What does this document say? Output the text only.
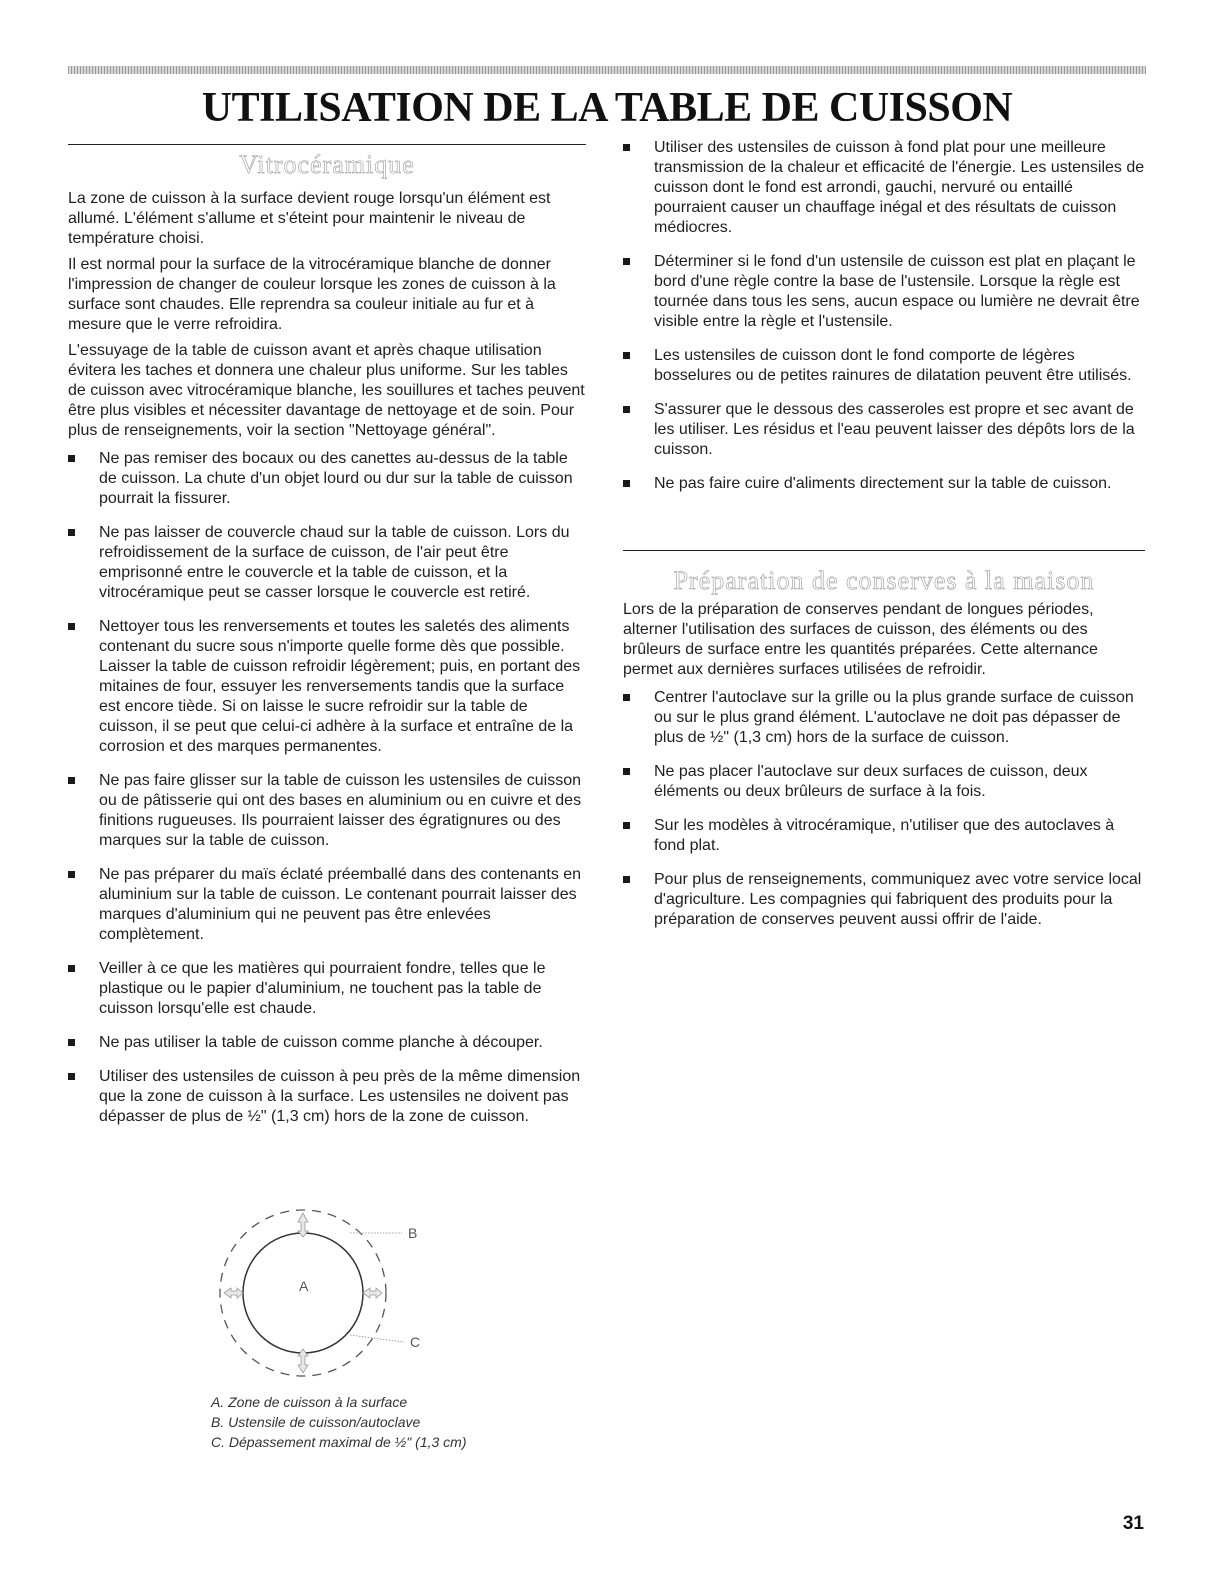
UTILISATION DE LA TABLE DE CUISSON
Vitrocéramique

La zone de cuisson à la surface devient rouge lorsqu'un élément est allumé. L'élément s'allume et s'éteint pour maintenir le niveau de température choisi.

Il est normal pour la surface de la vitrocéramique blanche de donner l'impression de changer de couleur lorsque les zones de cuisson à la surface sont chaudes. Elle reprendra sa couleur initiale au fur et à mesure que le verre refroidira.

L'essuyage de la table de cuisson avant et après chaque utilisation évitera les taches et donnera une chaleur plus uniforme. Sur les tables de cuisson avec vitrocéramique blanche, les souillures et taches peuvent être plus visibles et nécessiter davantage de nettoyage et de soin. Pour plus de renseignements, voir la section "Nettoyage général".

Ne pas remiser des bocaux ou des canettes au-dessus de la table de cuisson. La chute d'un objet lourd ou dur sur la table de cuisson pourrait la fissurer.
Ne pas laisser de couvercle chaud sur la table de cuisson. Lors du refroidissement de la surface de cuisson, de l'air peut être emprisonné entre le couvercle et la table de cuisson, et la vitrocéramique peut se casser lorsque le couvercle est retiré.
Nettoyer tous les renversements et toutes les saletés des aliments contenant du sucre sous n'importe quelle forme dès que possible. Laisser la table de cuisson refroidir légèrement; puis, en portant des mitaines de four, essuyer les renversements tandis que la surface est encore tiède. Si on laisse le sucre refroidir sur la table de cuisson, il se peut que celui-ci adhère à la surface et entraîne de la corrosion et des marques permanentes.
Ne pas faire glisser sur la table de cuisson les ustensiles de cuisson ou de pâtisserie qui ont des bases en aluminium ou en cuivre et des finitions rugueuses. Ils pourraient laisser des égratignures ou des marques sur la table de cuisson.
Ne pas préparer du maïs éclaté préemballé dans des contenants en aluminium sur la table de cuisson. Le contenant pourrait laisser des marques d'aluminium qui ne peuvent pas être enlevées complètement.
Veiller à ce que les matières qui pourraient fondre, telles que le plastique ou le papier d'aluminium, ne touchent pas la table de cuisson lorsqu'elle est chaude.
Ne pas utiliser la table de cuisson comme planche à découper.
Utiliser des ustensiles de cuisson à peu près de la même dimension que la zone de cuisson à la surface. Les ustensiles ne doivent pas dépasser de plus de ½" (1,3 cm) hors de la zone de cuisson.
A
B
C
A. Zone de cuisson à la surface
B. Ustensile de cuisson/autoclave
C. Dépassement maximal de ½" (1,3 cm)
Utiliser des ustensiles de cuisson à fond plat pour une meilleure transmission de la chaleur et efficacité de l'énergie. Les ustensiles de cuisson dont le fond est arrondi, gauchi, nervuré ou entaillé pourraient causer un chauffage inégal et des résultats de cuisson médiocres.
Déterminer si le fond d'un ustensile de cuisson est plat en plaçant le bord d'une règle contre la base de l'ustensile. Lorsque la règle est tournée dans tous les sens, aucun espace ou lumière ne devrait être visible entre la règle et l'ustensile.
Les ustensiles de cuisson dont le fond comporte de légères bosselures ou de petites rainures de dilatation peuvent être utilisés.
S'assurer que le dessous des casseroles est propre et sec avant de les utiliser. Les résidus et l'eau peuvent laisser des dépôts lors de la cuisson.
Ne pas faire cuire d'aliments directement sur la table de cuisson.
Préparation de conserves à la maison

Lors de la préparation de conserves pendant de longues périodes, alterner l'utilisation des surfaces de cuisson, des éléments ou des brûleurs de surface entre les quantités préparées. Cette alternance permet aux dernières surfaces utilisées de refroidir.

Centrer l'autoclave sur la grille ou la plus grande surface de cuisson ou sur le plus grand élément. L'autoclave ne doit pas dépasser de plus de ½" (1,3 cm) hors de la surface de cuisson.
Ne pas placer l'autoclave sur deux surfaces de cuisson, deux éléments ou deux brûleurs de surface à la fois.
Sur les modèles à vitrocéramique, n'utiliser que des autoclaves à fond plat.
Pour plus de renseignements, communiquez avec votre service local d'agriculture. Les compagnies qui fabriquent des produits pour la préparation de conserves peuvent aussi offrir de l'aide.
31
